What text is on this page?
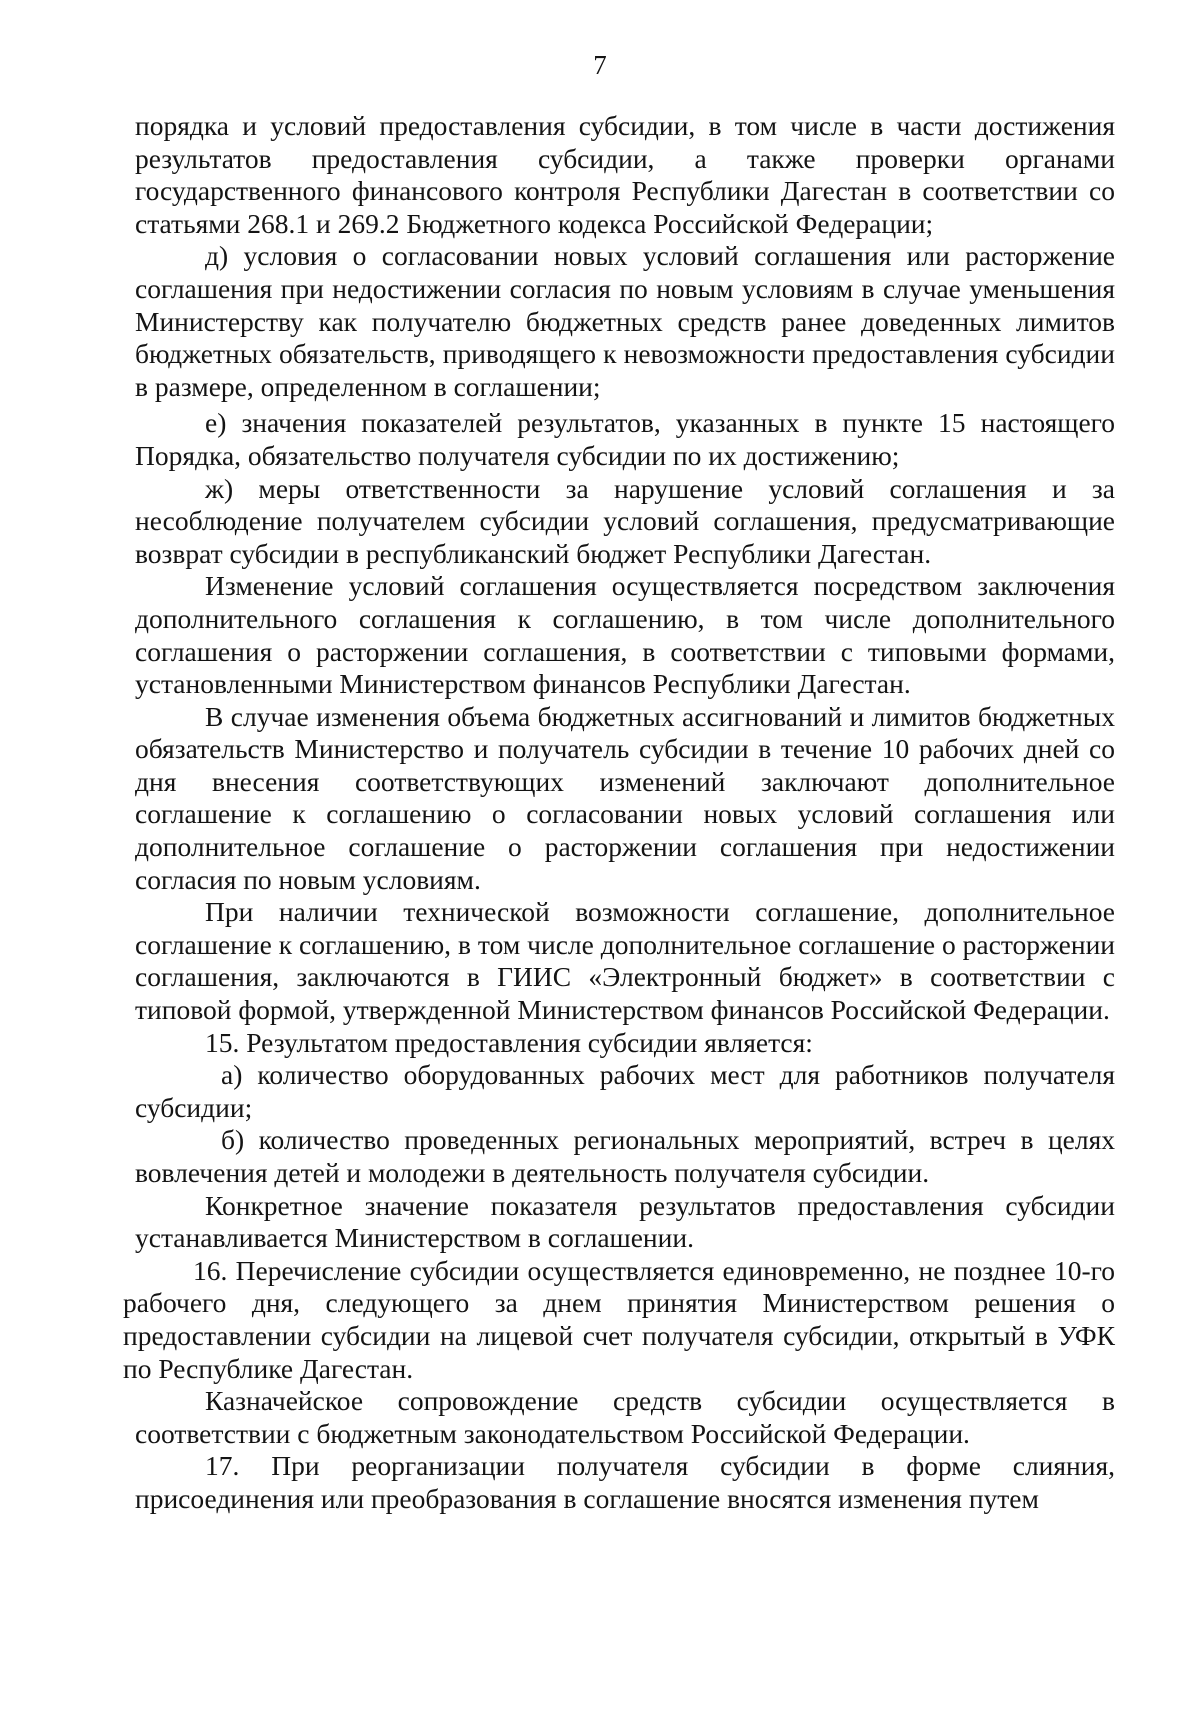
7

порядка и условий предоставления субсидии, в том числе в части достижения результатов предоставления субсидии, а также проверки органами государственного финансового контроля Республики Дагестан в соответствии со статьями 268.1 и 269.2 Бюджетного кодекса Российской Федерации;

д) условия о согласовании новых условий соглашения или расторжение соглашения при недостижении согласия по новым условиям в случае уменьшения Министерству как получателю бюджетных средств ранее доведенных лимитов бюджетных обязательств, приводящего к невозможности предоставления субсидии в размере, определенном в соглашении;

е) значения показателей результатов, указанных в пункте 15 настоящего Порядка, обязательство получателя субсидии по их достижению;

ж) меры ответственности за нарушение условий соглашения и за несоблюдение получателем субсидии условий соглашения, предусматривающие возврат субсидии в республиканский бюджет Республики Дагестан.

Изменение условий соглашения осуществляется посредством заключения дополнительного соглашения к соглашению, в том числе дополнительного соглашения о расторжении соглашения, в соответствии с типовыми формами, установленными Министерством финансов Республики Дагестан.

В случае изменения объема бюджетных ассигнований и лимитов бюджетных обязательств Министерство и получатель субсидии в течение 10 рабочих дней со дня внесения соответствующих изменений заключают дополнительное соглашение к соглашению о согласовании новых условий соглашения или дополнительное соглашение о расторжении соглашения при недостижении согласия по новым условиям.

При наличии технической возможности соглашение, дополнительное соглашение к соглашению, в том числе дополнительное соглашение о расторжении соглашения, заключаются в ГИИС «Электронный бюджет» в соответствии с типовой формой, утвержденной Министерством финансов Российской Федерации.

15. Результатом предоставления субсидии является:

а) количество оборудованных рабочих мест для работников получателя субсидии;

б) количество проведенных региональных мероприятий, встреч в целях вовлечения детей и молодежи в деятельность получателя субсидии.

Конкретное значение показателя результатов предоставления субсидии устанавливается Министерством в соглашении.

16. Перечисление субсидии осуществляется единовременно, не позднее 10-го рабочего дня, следующего за днем принятия Министерством решения о предоставлении субсидии на лицевой счет получателя субсидии, открытый в УФК по Республике Дагестан.

Казначейское сопровождение средств субсидии осуществляется в соответствии с бюджетным законодательством Российской Федерации.

17. При реорганизации получателя субсидии в форме слияния, присоединения или преобразования в соглашение вносятся изменения путем
